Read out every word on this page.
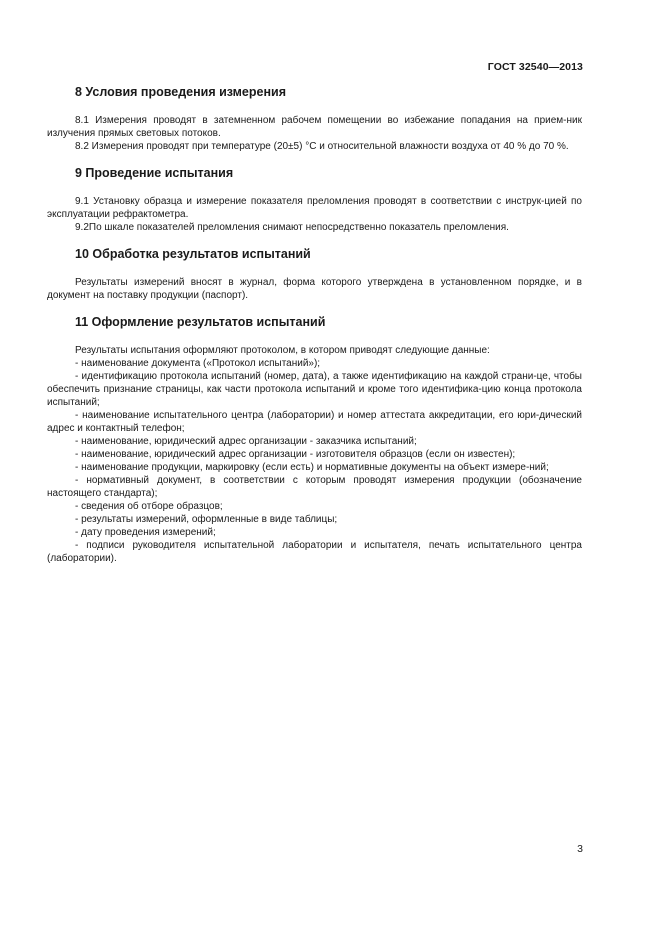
ГОСТ 32540—2013
8 Условия проведения измерения

8.1 Измерения проводят в затемненном рабочем помещении во избежание попадания на прием-ник излучения прямых световых потоков.

8.2 Измерения проводят при температуре (20±5) °С и относительной влажности воздуха от 40 % до 70 %.

9 Проведение испытания

9.1 Установку образца и измерение показателя преломления проводят в соответствии с инструк-цией по эксплуатации рефрактометра.

9.2По шкале показателей преломления снимают непосредственно показатель преломления.

10 Обработка результатов испытаний

Результаты измерений вносят в журнал, форма которого утверждена в установленном порядке, и в документ на поставку продукции (паспорт).

11 Оформление результатов испытаний

Результаты испытания оформляют протоколом, в котором приводят следующие данные:

- наименование документа («Протокол испытаний»);

- идентификацию протокола испытаний (номер, дата), а также идентификацию на каждой страни-це, чтобы обеспечить признание страницы, как части протокола испытаний и кроме того идентифика-цию конца протокола испытаний;

- наименование испытательного центра (лаборатории) и номер аттестата аккредитации, его юри-дический адрес и контактный телефон;

- наименование, юридический адрес организации - заказчика испытаний;

- наименование, юридический адрес организации - изготовителя образцов (если он известен);

- наименование продукции, маркировку (если есть) и нормативные документы на объект измере-ний;

- нормативный документ, в соответствии с которым проводят измерения продукции (обозначение настоящего стандарта);

- сведения об отборе образцов;

- результаты измерений, оформленные в виде таблицы;

- дату проведения измерений;

- подписи руководителя испытательной лаборатории и испытателя, печать испытательного центра (лаборатории).

3
